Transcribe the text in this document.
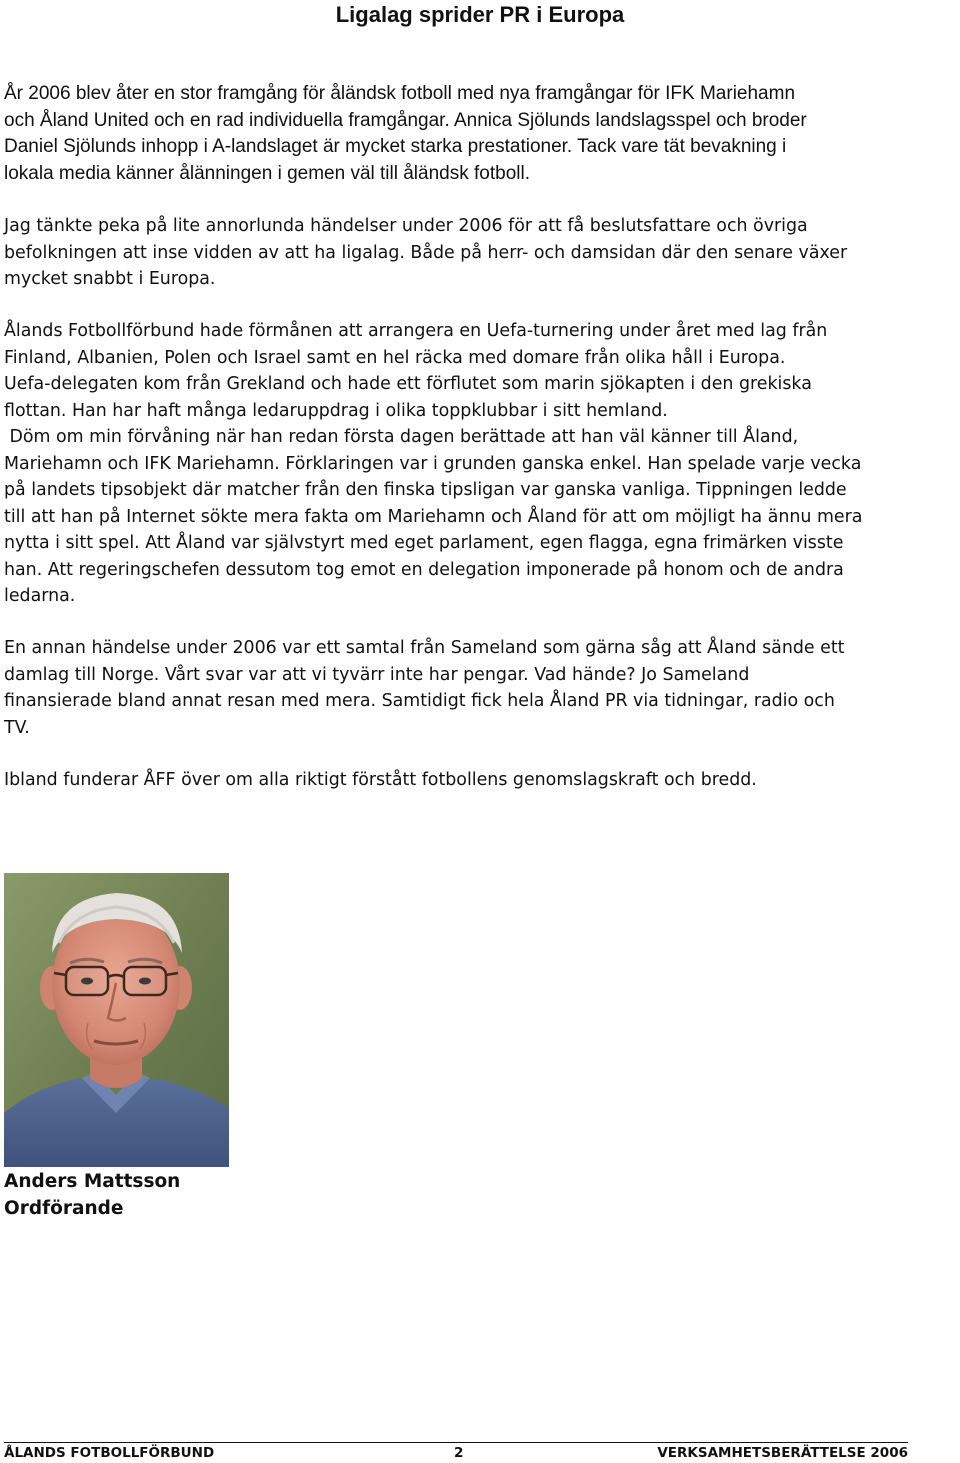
Ligalag sprider PR i Europa
År 2006 blev åter en stor framgång för åländsk fotboll med nya framgångar för IFK Mariehamn
och Åland United och en rad individuella framgångar. Annica Sjölunds landslagsspel och broder
Daniel Sjölunds inhopp i A-landslaget är mycket starka prestationer. Tack vare tät bevakning i
lokala media känner ålänningen i gemen väl till åländsk fotboll.
Jag tänkte peka på lite annorlunda händelser under 2006 för att få beslutsfattare och övriga
befolkningen att inse vidden av att ha ligalag. Både på herr- och damsidan där den senare växer
mycket snabbt i Europa.
Ålands Fotbollförbund hade förmånen att arrangera en Uefa-turnering under året med lag från
Finland, Albanien, Polen och Israel samt en hel räcka med domare från olika håll i Europa.
Uefa-delegaten kom från Grekland och hade ett förflutet som marin sjökapten i den grekiska
flottan. Han har haft många ledaruppdrag i olika toppklubbar i sitt hemland.
Döm om min förvåning när han redan första dagen berättade att han väl känner till Åland,
Mariehamn och IFK Mariehamn. Förklaringen var i grunden ganska enkel. Han spelade varje vecka
på landets tipsobjekt där matcher från den finska tipsligan var ganska vanliga. Tippningen ledde
till att han på Internet sökte mera fakta om Mariehamn och Åland för att om möjligt ha ännu mera
nytta i sitt spel. Att Åland var självstyrt med eget parlament, egen flagga, egna frimärken visste
han. Att regeringschefen dessutom tog emot en delegation imponerade på honom och de andra
ledarna.
En annan händelse under 2006 var ett samtal från Sameland som gärna såg att Åland sände ett
damlag till Norge. Vårt svar var att vi tyvärr inte har pengar. Vad hände? Jo Sameland
finansierade bland annat resan med mera. Samtidigt fick hela Åland PR via tidningar, radio och
TV.
Ibland funderar ÅFF över om alla riktigt förstått fotbollens genomslagskraft och bredd.
Anders Mattsson
Ordförande
ÅLANDS FOTBOLLFÖRBUND	2	VERKSAMHETSBERÄTTELSE 2006
